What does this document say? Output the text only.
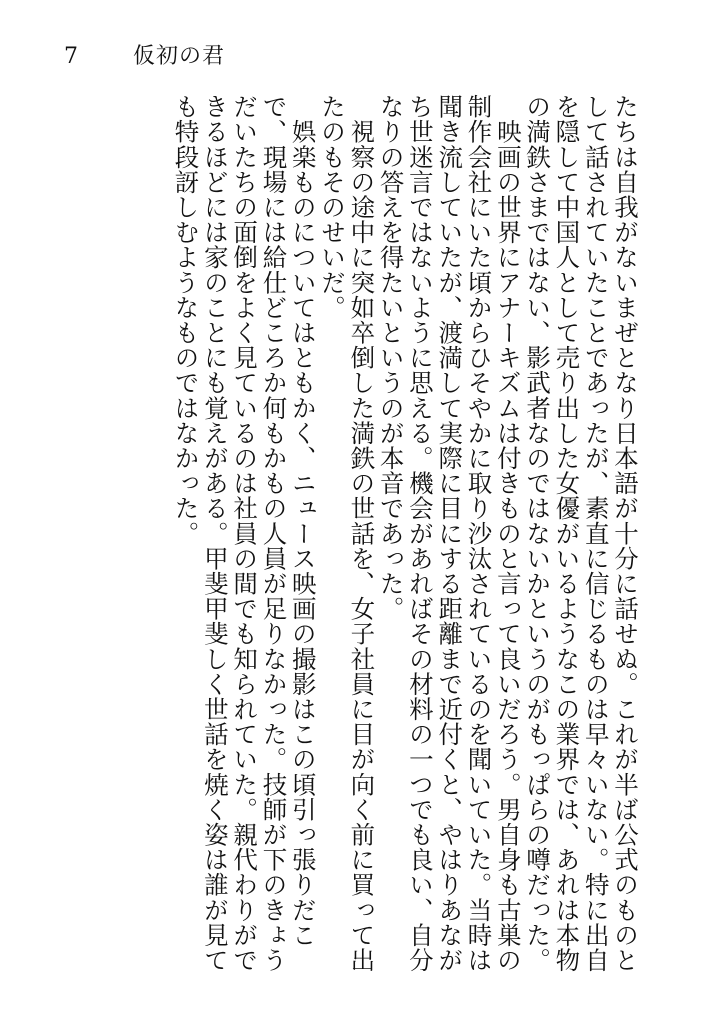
7	仮初の君

たちは自我がないまぜとなり日本語が十分に話せぬ。これが半ば公式のものとして話されていたことであったが、素直に信じるものは早々いない。特に出自を隠して中国人として売り出した女優がいるようなこの業界では、あれは本物の満鉄さまではない、影武者なのではないかというのがもっぱらの噂だった。

　映画の世界にアナーキズムは付きものと言って良いだろう。男自身も古巣の制作会社にいた頃からひそやかに取り沙汰されているのを聞いていた。当時は聞き流していたが、渡満して実際に目にする距離まで近付くと、やはりあながち世迷言ではないように思える。機会があればその材料の一つでも良い、自分なりの答えを得たいというのが本音であった。

　視察の途中に突如卒倒した満鉄の世話を、女子社員に目が向く前に買って出たのもそのせいだ。

　娯楽ものについてはともかく、ニュース映画の撮影はこの頃引っ張りだこで、現場には給仕どころか何もかもの人員が足りなかった。技師が下のきょうだいたちの面倒をよく見ているのは社員の間でも知られていた。親代わりができるほどには家のことにも覚えがある。甲斐甲斐しく世話を焼く姿は誰が見ても特段訝しむようなものではなかった。
